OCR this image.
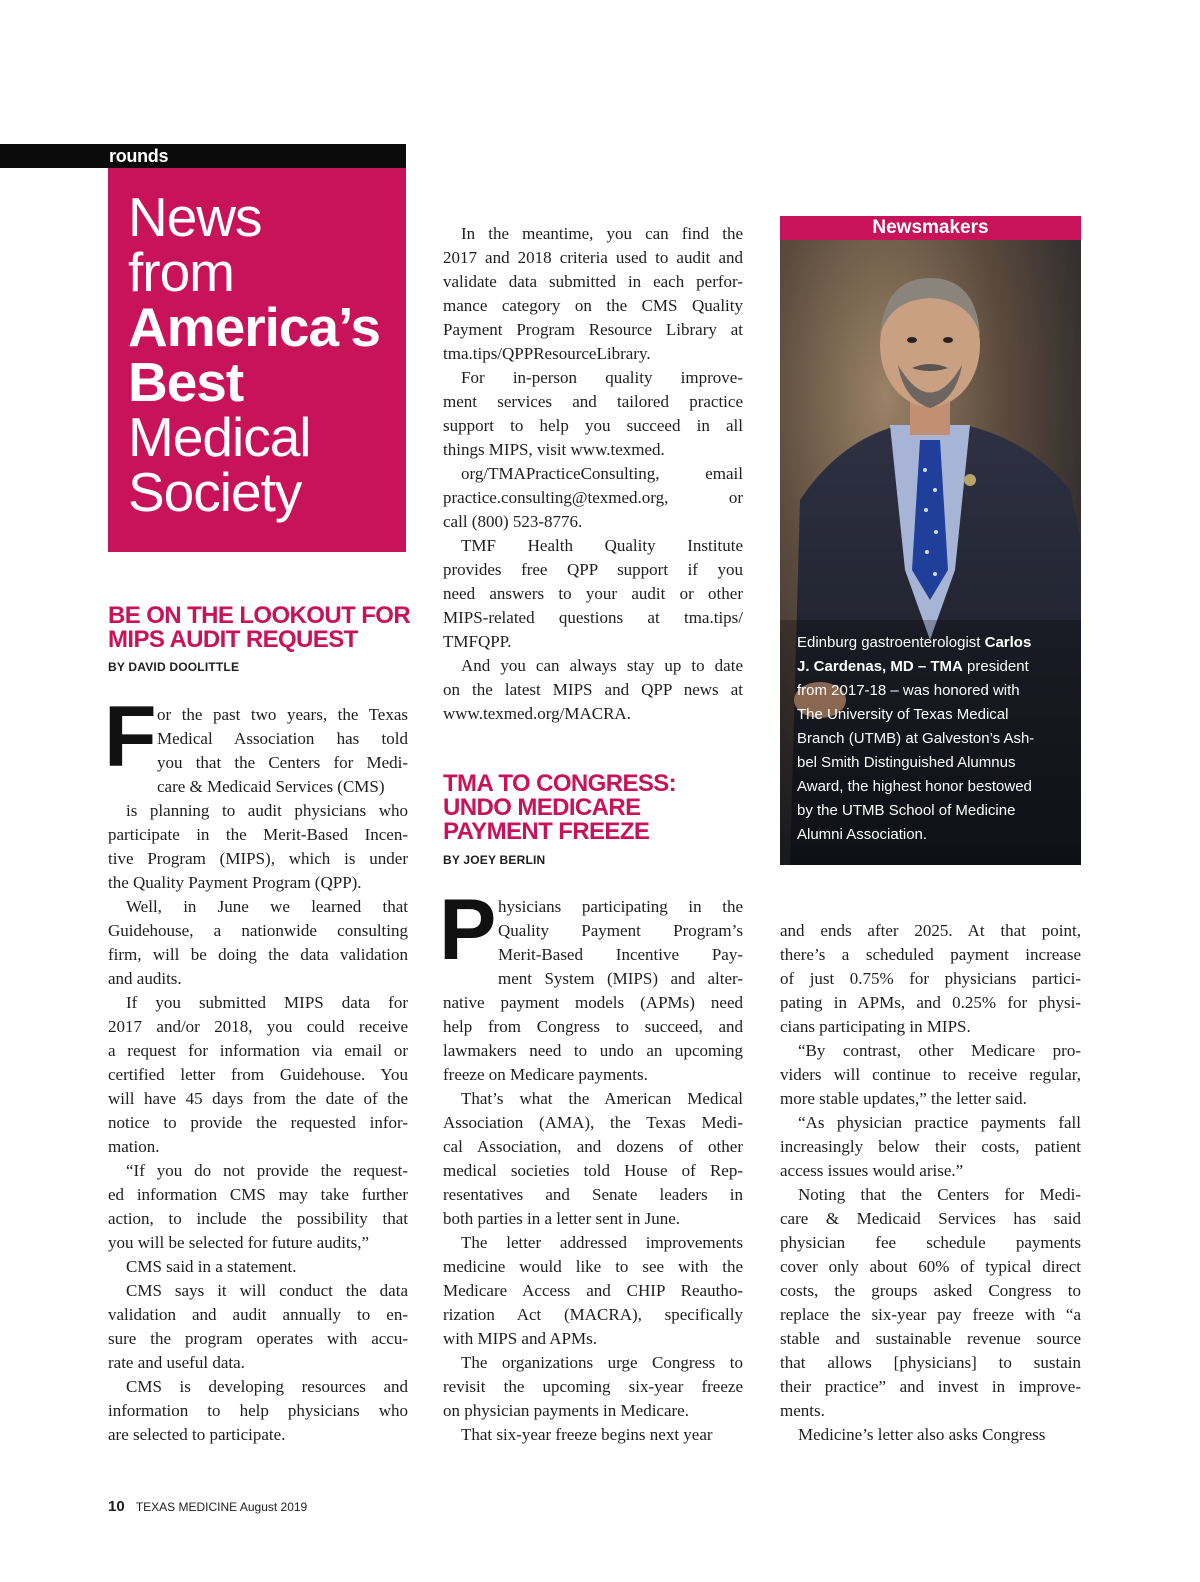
rounds
News
from
America’s
Best
Medical
Society
BE ON THE LOOKOUT FOR
MIPS AUDIT REQUEST
BY DAVID DOOLITTLE
F or the past two years, the Texas
Medical Association has told
you that the Centers for Medi-
care & Medicaid Services (CMS)
is planning to audit physicians who
participate in the Merit-Based Incen-
tive Program (MIPS), which is under
the Quality Payment Program (QPP).
Well, in June we learned that
Guidehouse, a nationwide consulting
firm, will be doing the data validation
and audits.
If you submitted MIPS data for
2017 and/or 2018, you could receive
a request for information via email or
certified letter from Guidehouse. You
will have 45 days from the date of the
notice to provide the requested infor-
mation.
“If you do not provide the request-
ed information CMS may take further
action, to include the possibility that
you will be selected for future audits,”
CMS said in a statement.
CMS says it will conduct the data
validation and audit annually to en-
sure the program operates with accu-
rate and useful data.
CMS is developing resources and
information to help physicians who
are selected to participate.
In the meantime, you can find the
2017 and 2018 criteria used to audit and
validate data submitted in each perfor-
mance category on the CMS Quality
Payment Program Resource Library at
tma.tips/QPPResourceLibrary.
For in-person quality improve-
ment services and tailored practice
support to help you succeed in all
things MIPS, visit www.texmed.
org/TMAPracticeConsulting, email
practice.consulting@texmed.org, or
call (800) 523-8776.
TMF Health Quality Institute
provides free QPP support if you
need answers to your audit or other
MIPS-related questions at tma.tips/
TMFQPP.
And you can always stay up to date
on the latest MIPS and QPP news at
www.texmed.org/MACRA.
TMA TO CONGRESS:
UNDO MEDICARE
PAYMENT FREEZE
BY JOEY BERLIN
P hysicians participating in the
Quality Payment Program’s
Merit-Based Incentive Pay-
ment System (MIPS) and alter-
native payment models (APMs) need
help from Congress to succeed, and
lawmakers need to undo an upcoming
freeze on Medicare payments.
That’s what the American Medical
Association (AMA), the Texas Medi-
cal Association, and dozens of other
medical societies told House of Rep-
resentatives and Senate leaders in
both parties in a letter sent in June.
The letter addressed improvements
medicine would like to see with the
Medicare Access and CHIP Reautho-
rization Act (MACRA), specifically
with MIPS and APMs.
The organizations urge Congress to
revisit the upcoming six-year freeze
on physician payments in Medicare.
That six-year freeze begins next year
and ends after 2025. At that point,
there’s a scheduled payment increase
of just 0.75% for physicians partici-
pating in APMs, and 0.25% for physi-
cians participating in MIPS.
“By contrast, other Medicare pro-
viders will continue to receive regular,
more stable updates,” the letter said.
“As physician practice payments fall
increasingly below their costs, patient
access issues would arise.”
Noting that the Centers for Medi-
care & Medicaid Services has said
physician fee schedule payments
cover only about 60% of typical direct
costs, the groups asked Congress to
replace the six-year pay freeze with “a
stable and sustainable revenue source
that allows [physicians] to sustain
their practice” and invest in improve-
ments.
Medicine’s letter also asks Congress
Newsmakers
Edinburg gastroenterologist Carlos
J. Cardenas, MD – TMA president
from 2017-18 – was honored with
The University of Texas Medical
Branch (UTMB) at Galveston’s Ash-
bel Smith Distinguished Alumnus
Award, the highest honor bestowed
by the UTMB School of Medicine
Alumni Association.
10 TEXAS MEDICINE August 2019
